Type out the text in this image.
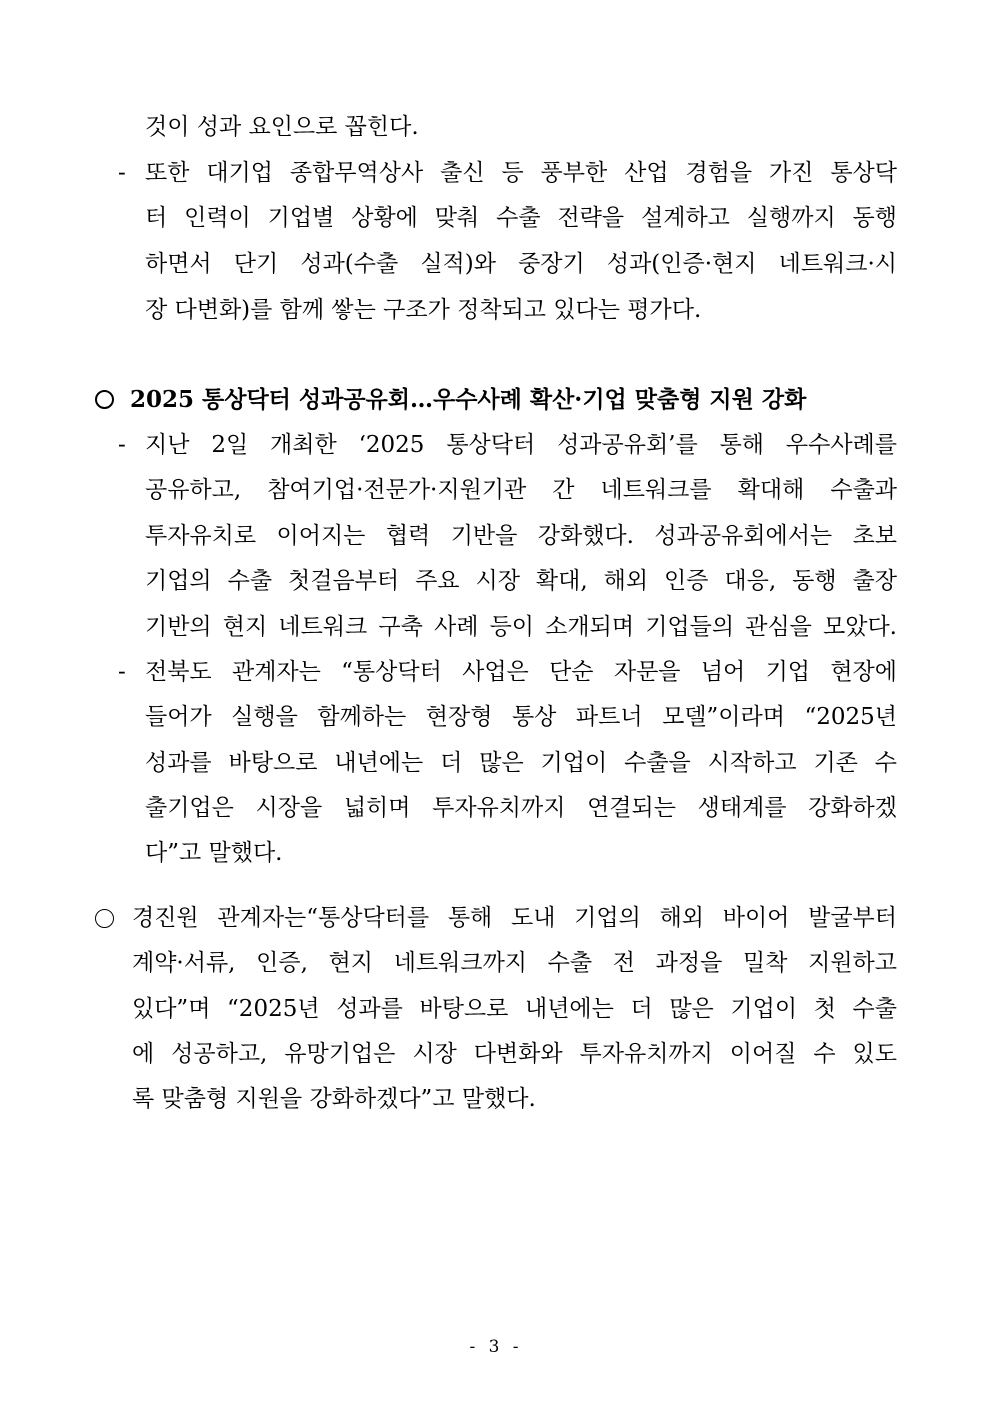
것이 성과 요인으로 꼽힌다.
- 또한 대기업 종합무역상사 출신 등 풍부한 산업 경험을 가진 통상닥
터 인력이 기업별 상황에 맞춰 수출 전략을 설계하고 실행까지 동행
하면서 단기 성과(수출 실적)와 중장기 성과(인증·현지 네트워크·시
장 다변화)를 함께 쌓는 구조가 정착되고 있다는 평가다.
2025 통상닥터 성과공유회…우수사례 확산·기업 맞춤형 지원 강화
- 지난 2일 개최한 ‘2025 통상닥터 성과공유회’를 통해 우수사례를
공유하고, 참여기업·전문가·지원기관 간 네트워크를 확대해 수출과
투자유치로 이어지는 협력 기반을 강화했다. 성과공유회에서는 초보
기업의 수출 첫걸음부터 주요 시장 확대, 해외 인증 대응, 동행 출장
기반의 현지 네트워크 구축 사례 등이 소개되며 기업들의 관심을 모았다.
- 전북도 관계자는 “통상닥터 사업은 단순 자문을 넘어 기업 현장에
들어가 실행을 함께하는 현장형 통상 파트너 모델”이라며 “2025년
성과를 바탕으로 내년에는 더 많은 기업이 수출을 시작하고 기존 수
출기업은 시장을 넓히며 투자유치까지 연결되는 생태계를 강화하겠
다”고 말했다.
경진원 관계자는“통상닥터를 통해 도내 기업의 해외 바이어 발굴부터
계약·서류, 인증, 현지 네트워크까지 수출 전 과정을 밀착 지원하고
있다”며 “2025년 성과를 바탕으로 내년에는 더 많은 기업이 첫 수출
에 성공하고, 유망기업은 시장 다변화와 투자유치까지 이어질 수 있도
록 맞춤형 지원을 강화하겠다”고 말했다.
- 3 -
